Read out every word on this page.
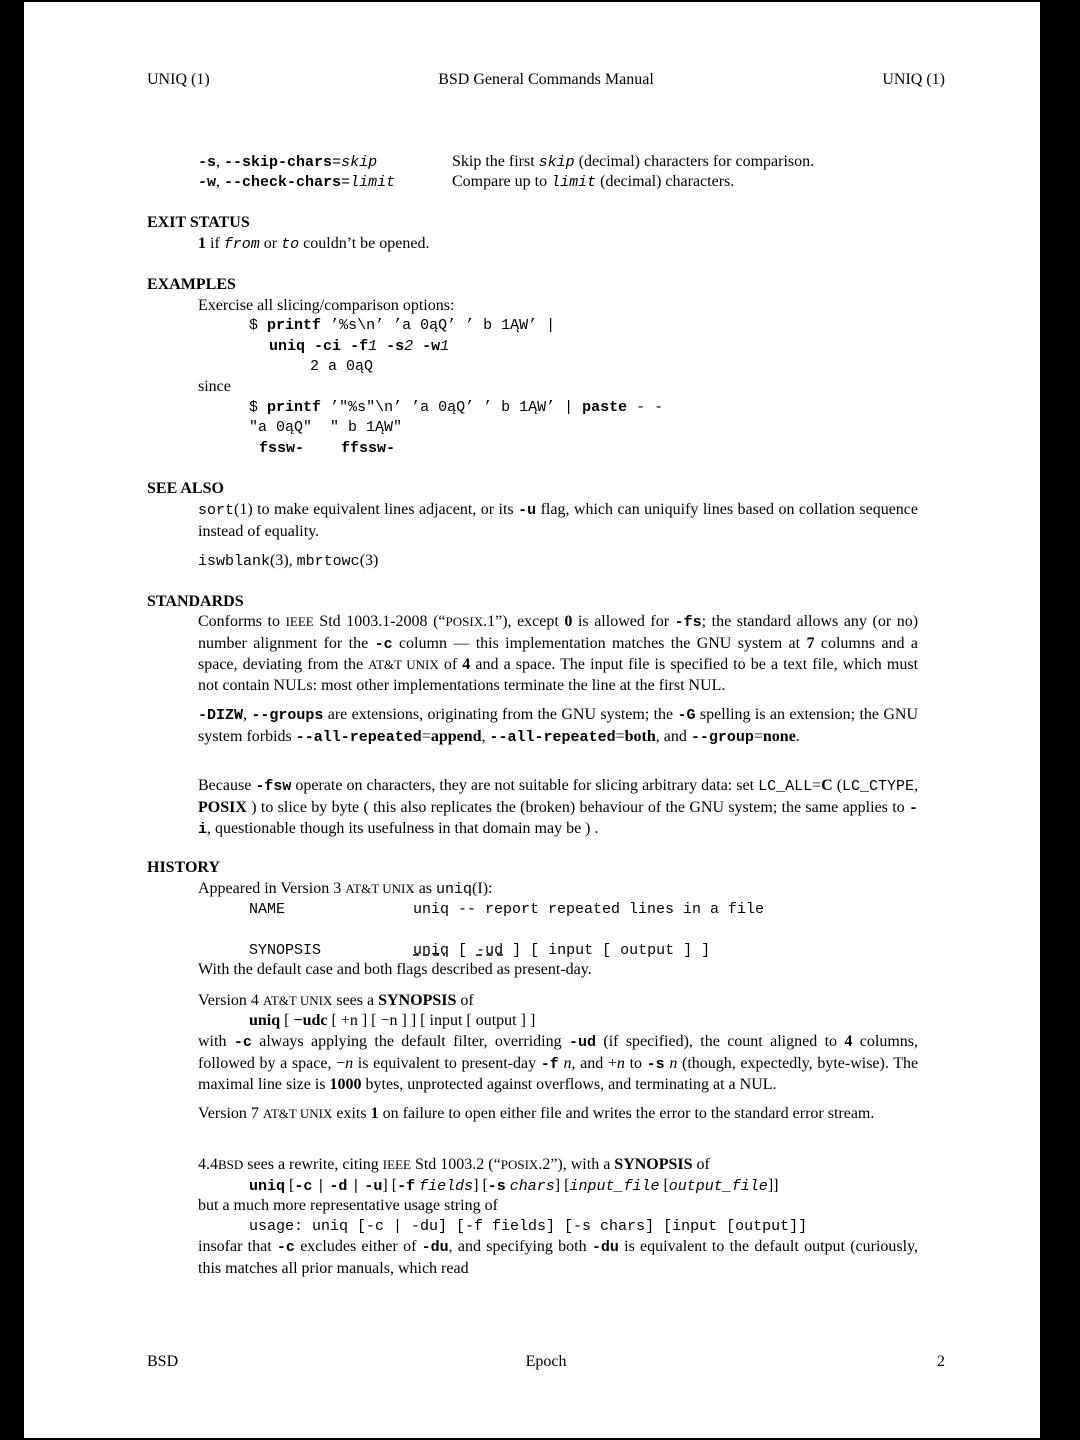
UNIQ (1)	BSD General Commands Manual	UNIQ (1)
-s, --skip-chars=skip	Skip the first skip (decimal) characters for comparison.
-w, --check-chars=limit	Compare up to limit (decimal) characters.
EXIT STATUS
1 if from or to couldn’t be opened.
EXAMPLES
Exercise all slicing/comparison options:
$ printf ’%s\n’ ’a 0ąQ’ ’ b 1ĄW’ |
uniq -ci -f1 -s2 -w1
2 a 0ąQ
since
$ printf ’"%s"\n’ ’a 0ąQ’ ’ b 1ĄW’ | paste - -
"a 0ąQ"  " b 1ĄW"
fssw- ffssw-
SEE ALSO
sort(1) to make equivalent lines adjacent, or its -u flag, which can uniquify lines based on collation sequence instead of equality.
iswblank(3), mbrtowc(3)
STANDARDS
Conforms to IEEE Std 1003.1-2008 (“POSIX.1”), except 0 is allowed for -fs; the standard allows any (or no) number alignment for the -c column — this implementation matches the GNU system at 7 columns and a space, deviating from the AT&T UNIX of 4 and a space. The input file is specified to be a text file, which must not contain NULs: most other implementations terminate the line at the first NUL.
-DIZW, --groups are extensions, originating from the GNU system; the -G spelling is an extension; the GNU system forbids --all-repeated=append, --all-repeated=both, and --group=none.
Because -fsw operate on characters, they are not suitable for slicing arbitrary data: set LC_ALL=C (LC_CTYPE, POSIX ) to slice by byte ( this also replicates the (broken) behaviour of the GNU system; the same applies to -i, questionable though its usefulness in that domain may be ) .
HISTORY
Appeared in Version 3 AT&T UNIX as uniq(I):
NAME	uniq -- report repeated lines in a file
SYNOPSIS	uniq [ -ud ] [ input [ output ] ]
With the default case and both flags described as present-day.
Version 4 AT&T UNIX sees a SYNOPSIS of
uniq [ −udc [ +n ] [ −n ] ] [ input [ output ] ]
with -c always applying the default filter, overriding -ud (if specified), the count aligned to 4 columns, followed by a space, −n is equivalent to present-day -f n, and +n to -s n (though, expectedly, byte-wise). The maximal line size is 1000 bytes, unprotected against overflows, and terminating at a NUL.
Version 7 AT&T UNIX exits 1 on failure to open either file and writes the error to the standard error stream.
4.4BSD sees a rewrite, citing IEEE Std 1003.2 (“POSIX.2”), with a SYNOPSIS of
uniq [-c | -d | -u] [-f fields] [-s chars] [input_file [output_file]]
but a much more representative usage string of
usage: uniq [-c | -du] [-f fields] [-s chars] [input [output]]
insofar that -c excludes either of -du, and specifying both -du is equivalent to the default output (curiously, this matches all prior manuals, which read
BSD	Epoch	2
